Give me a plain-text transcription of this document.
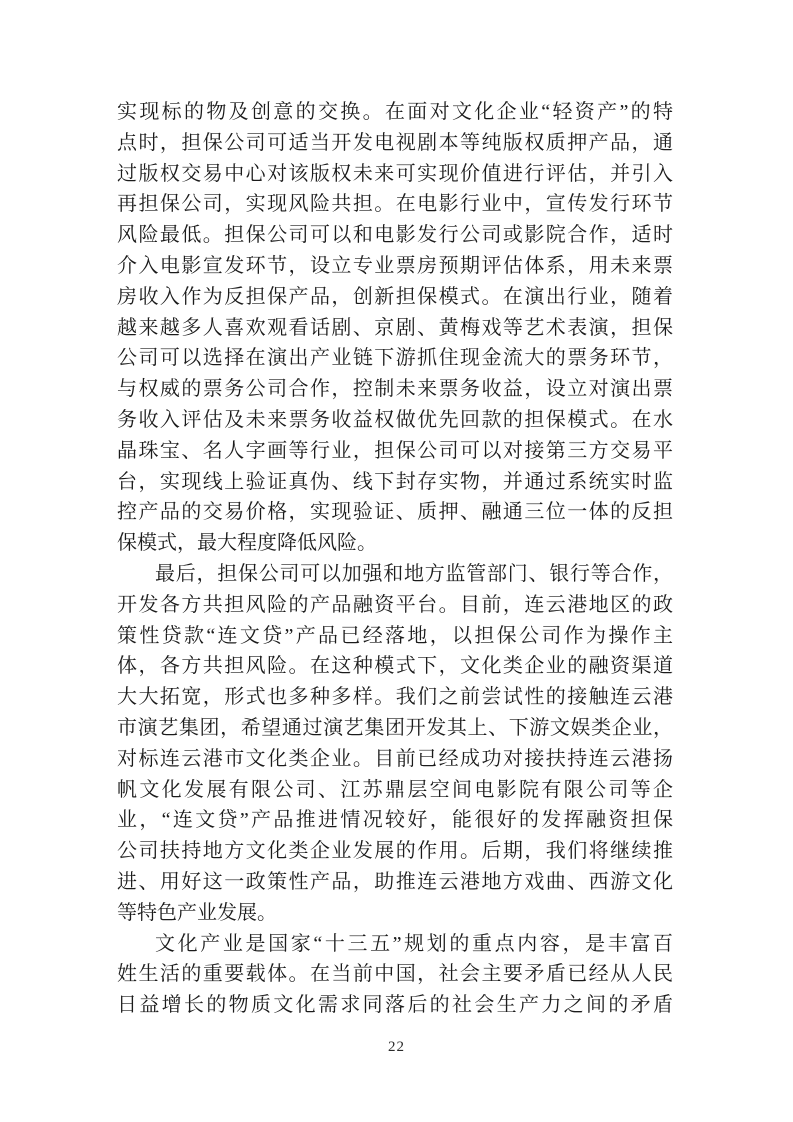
实现标的物及创意的交换。在面对文化企业“轻资产”的特
点时，担保公司可适当开发电视剧本等纯版权质押产品，通
过版权交易中心对该版权未来可实现价值进行评估，并引入
再担保公司，实现风险共担。在电影行业中，宣传发行环节
风险最低。担保公司可以和电影发行公司或影院合作，适时
介入电影宣发环节，设立专业票房预期评估体系，用未来票
房收入作为反担保产品，创新担保模式。在演出行业，随着
越来越多人喜欢观看话剧、京剧、黄梅戏等艺术表演，担保
公司可以选择在演出产业链下游抓住现金流大的票务环节，
与权威的票务公司合作，控制未来票务收益，设立对演出票
务收入评估及未来票务收益权做优先回款的担保模式。在水
晶珠宝、名人字画等行业，担保公司可以对接第三方交易平
台，实现线上验证真伪、线下封存实物，并通过系统实时监
控产品的交易价格，实现验证、质押、融通三位一体的反担
保模式，最大程度降低风险。
最后，担保公司可以加强和地方监管部门、银行等合作，
开发各方共担风险的产品融资平台。目前，连云港地区的政
策性贷款“连文贷”产品已经落地，以担保公司作为操作主
体，各方共担风险。在这种模式下，文化类企业的融资渠道
大大拓宽，形式也多种多样。我们之前尝试性的接触连云港
市演艺集团，希望通过演艺集团开发其上、下游文娱类企业，
对标连云港市文化类企业。目前已经成功对接扶持连云港扬
帆文化发展有限公司、江苏鼎层空间电影院有限公司等企
业，“连文贷”产品推进情况较好，能很好的发挥融资担保
公司扶持地方文化类企业发展的作用。后期，我们将继续推
进、用好这一政策性产品，助推连云港地方戏曲、西游文化
等特色产业发展。
文化产业是国家“十三五”规划的重点内容，是丰富百
姓生活的重要载体。在当前中国，社会主要矛盾已经从人民
日益增长的物质文化需求同落后的社会生产力之间的矛盾
22
